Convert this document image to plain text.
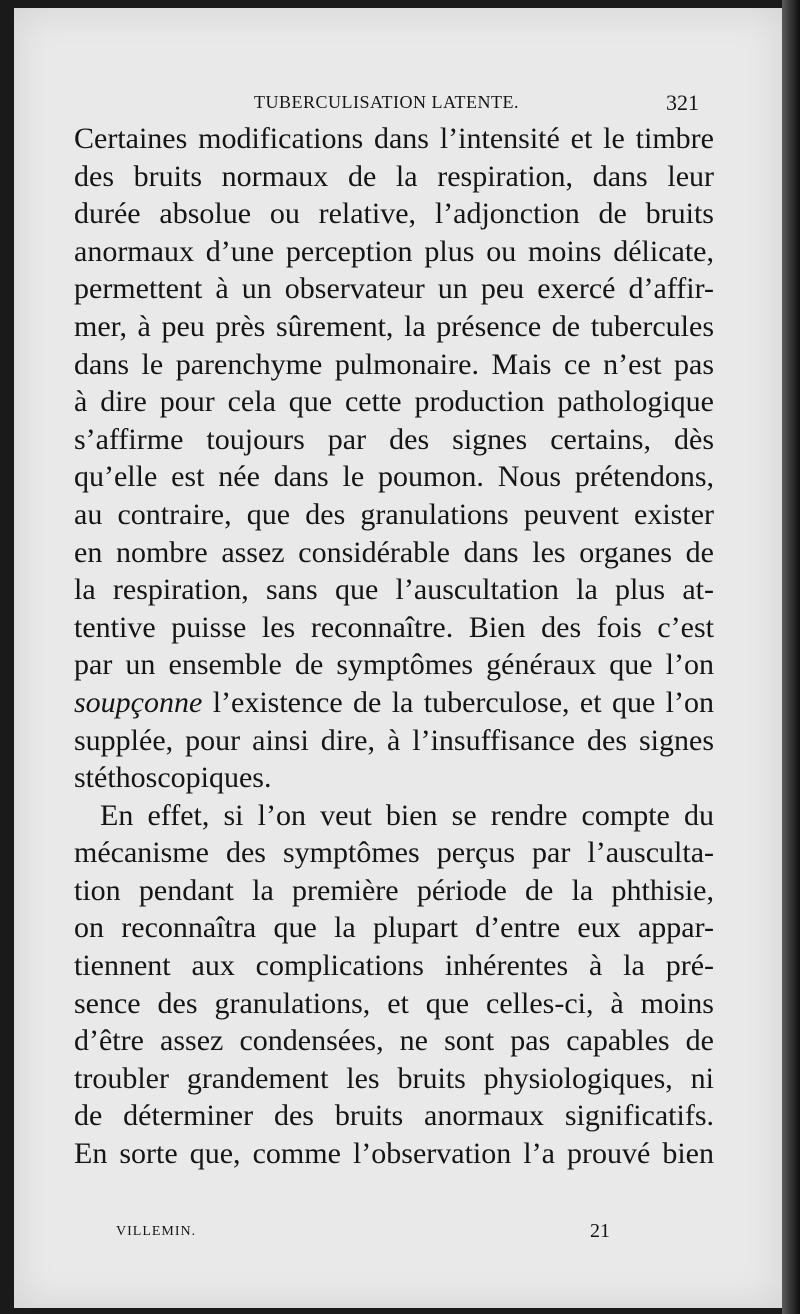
TUBERCULISATION LATENTE.	321
Certaines modifications dans l’intensité et le timbre
des bruits normaux de la respiration, dans leur
durée absolue ou relative, l’adjonction de bruits
anormaux d’une perception plus ou moins délicate,
permettent à un observateur un peu exercé d’affir-
mer, à peu près sûrement, la présence de tubercules
dans le parenchyme pulmonaire. Mais ce n’est pas
à dire pour cela que cette production pathologique
s’affirme toujours par des signes certains, dès
qu’elle est née dans le poumon. Nous prétendons,
au contraire, que des granulations peuvent exister
en nombre assez considérable dans les organes de
la respiration, sans que l’auscultation la plus at-
tentive puisse les reconnaître. Bien des fois c’est
par un ensemble de symptômes généraux que l’on
soupçonne l’existence de la tuberculose, et que l’on
supplée, pour ainsi dire, à l’insuffisance des signes
stéthoscopiques.
En effet, si l’on veut bien se rendre compte du
mécanisme des symptômes perçus par l’ausculta-
tion pendant la première période de la phthisie,
on reconnaîtra que la plupart d’entre eux appar-
tiennent aux complications inhérentes à la pré-
sence des granulations, et que celles-ci, à moins
d’être assez condensées, ne sont pas capables de
troubler grandement les bruits physiologiques, ni
de déterminer des bruits anormaux significatifs.
En sorte que, comme l’observation l’a prouvé bien
VILLEMIN.	21
